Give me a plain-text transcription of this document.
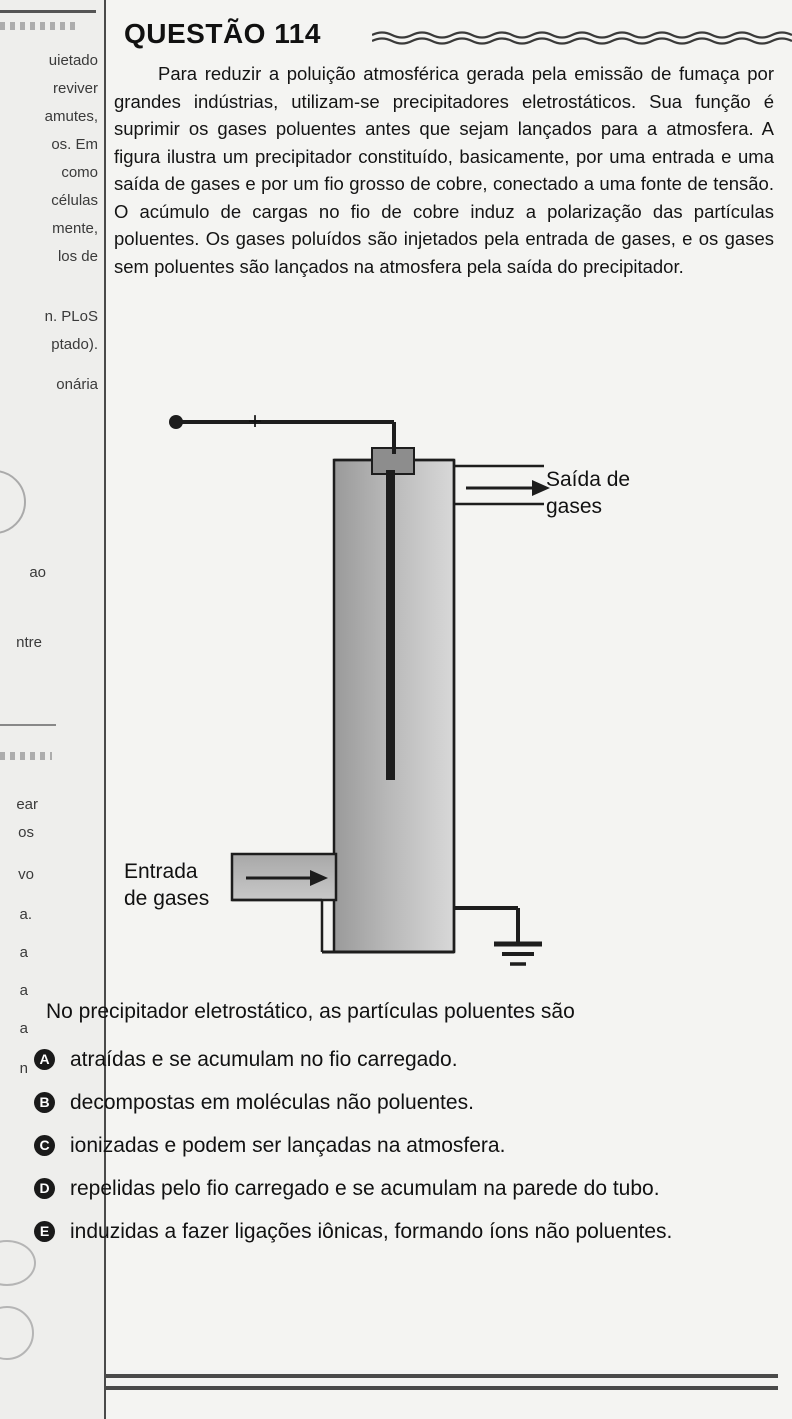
uietado
reviver
amutes,
os. Em
como
células
mente,
los de
n. PLoS
ptado).
onária
ao
ntre
ear
os
vo
a.
a
a
a
n
QUESTÃO 114
Para reduzir a poluição atmosférica gerada pela emissão de fumaça por grandes indústrias, utilizam-se precipitadores eletrostáticos. Sua função é suprimir os gases poluentes antes que sejam lançados para a atmosfera. A figura ilustra um precipitador constituído, basicamente, por uma entrada e uma saída de gases e por um fio grosso de cobre, conectado a uma fonte de tensão. O acúmulo de cargas no fio de cobre induz a polarização das partículas poluentes. Os gases poluídos são injetados pela entrada de gases, e os gases sem poluentes são lançados na atmosfera pela saída do precipitador.
+
Saída de
gases
Entrada
de gases
No precipitador eletrostático, as partículas poluentes são
A atraídas e se acumulam no fio carregado.
B decompostas em moléculas não poluentes.
C ionizadas e podem ser lançadas na atmosfera.
D repelidas pelo fio carregado e se acumulam na parede do tubo.
E induzidas a fazer ligações iônicas, formando íons não poluentes.
